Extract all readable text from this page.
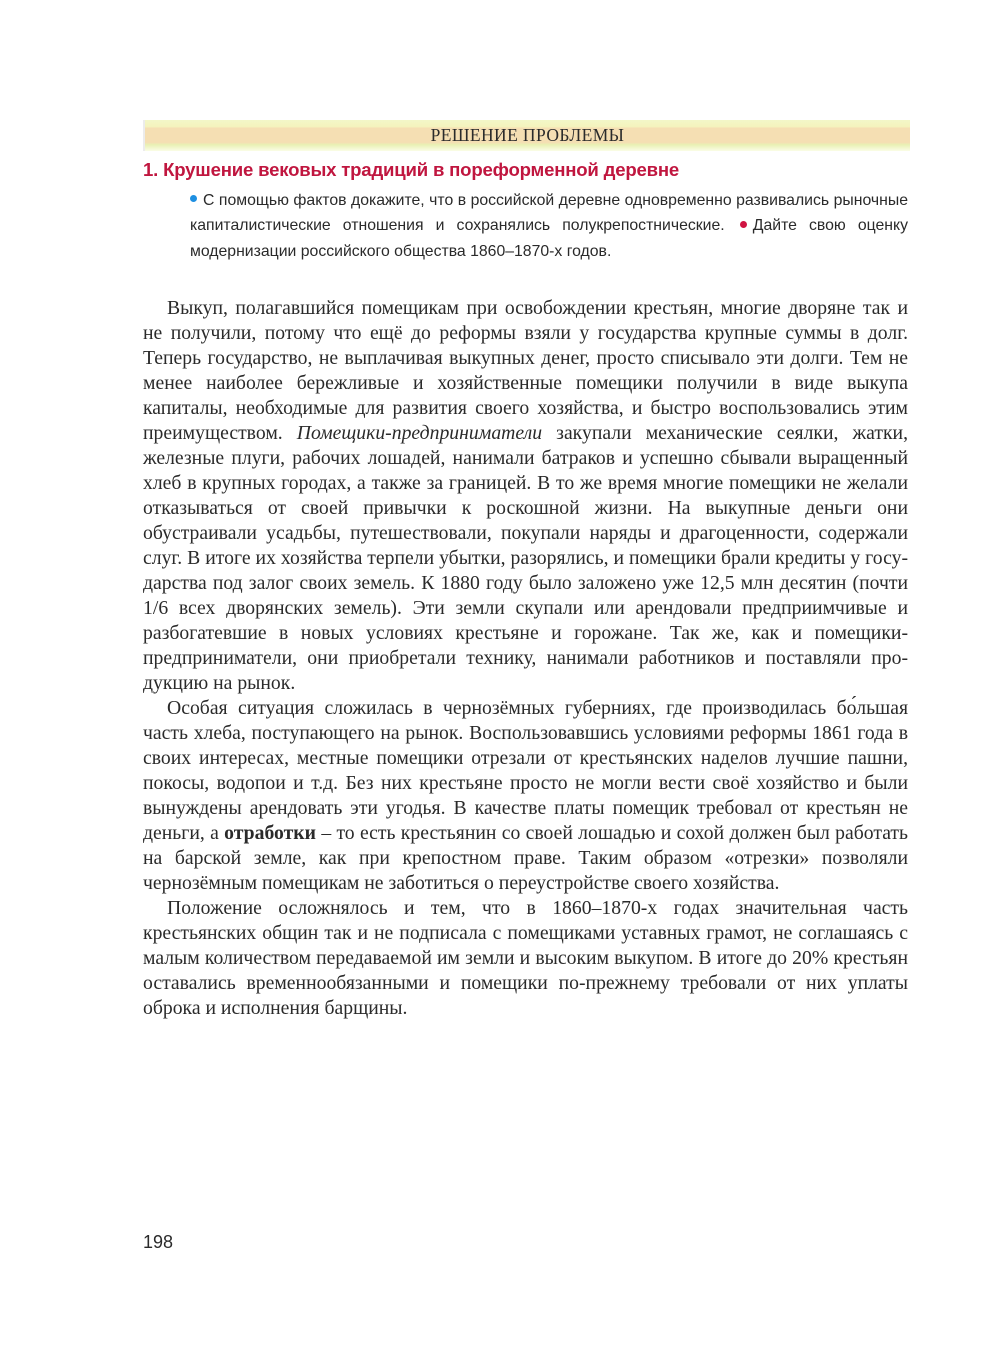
РЕШЕНИЕ ПРОБЛЕМЫ
1. Крушение вековых традиций в пореформенной деревне
С помощью фактов докажите, что в российской деревне одновременно развивались рыночные капиталистические отношения и сохранялись полукрепостнические. Дайте свою оценку модернизации российского общества 1860–1870-х годов.

Выкуп, полагавшийся помещикам при освобождении крестьян, многие дворяне так и не получили, потому что ещё до реформы взяли у государства крупные суммы в долг. Теперь государство, не выплачивая выкупных денег, просто списывало эти долги. Тем не менее наиболее бережливые и хозяйственные помещики получили в виде выкупа капиталы, необходимые для развития своего хозяйства, и быстро воспользовались этим преимуществом. Помещики-предприниматели закупали механические сеялки, жатки, железные плуги, рабочих лошадей, нанимали батраков и успешно сбывали выращенный хлеб в крупных городах, а также за границей. В то же время многие помещики не желали отказываться от своей привычки к роскошной жизни. На выкупные деньги они обустраивали усадьбы, путешествовали, покупали наряды и драгоценности, содержали слуг. В итоге их хозяйства терпели убытки, разорялись, и помещики брали кредиты у государства под залог своих земель. К 1880 году было заложено уже 12,5 млн десятин (почти 1/6 всех дворянских земель). Эти земли скупали или арендовали предприимчивые и разбогатевшие в новых условиях крестьяне и горожане. Так же, как и помещики-предприниматели, они приобретали технику, нанимали работников и поставляли продукцию на рынок.

Особая ситуация сложилась в чернозёмных губерниях, где производилась бо́льшая часть хлеба, поступающего на рынок. Воспользовавшись условиями реформы 1861 года в своих интересах, местные помещики отрезали от крестьянских наделов лучшие пашни, покосы, водопои и т.д. Без них крестьяне просто не могли вести своё хозяйство и были вынуждены арендовать эти угодья. В качестве платы помещик требовал от крестьян не деньги, а отработки – то есть крестьянин со своей лошадью и сохой должен был работать на барской земле, как при крепостном праве. Таким образом «отрезки» позволяли чернозёмным помещикам не заботиться о переустройстве своего хозяйства.

Положение осложнялось и тем, что в 1860–1870-х годах значительная часть крестьянских общин так и не подписала с помещиками уставных грамот, не соглашаясь с малым количеством передаваемой им земли и высоким выкупом. В итоге до 20% крестьян оставались временнообязанными и помещики по-прежнему требовали от них уплаты оброка и исполнения барщины.

198
